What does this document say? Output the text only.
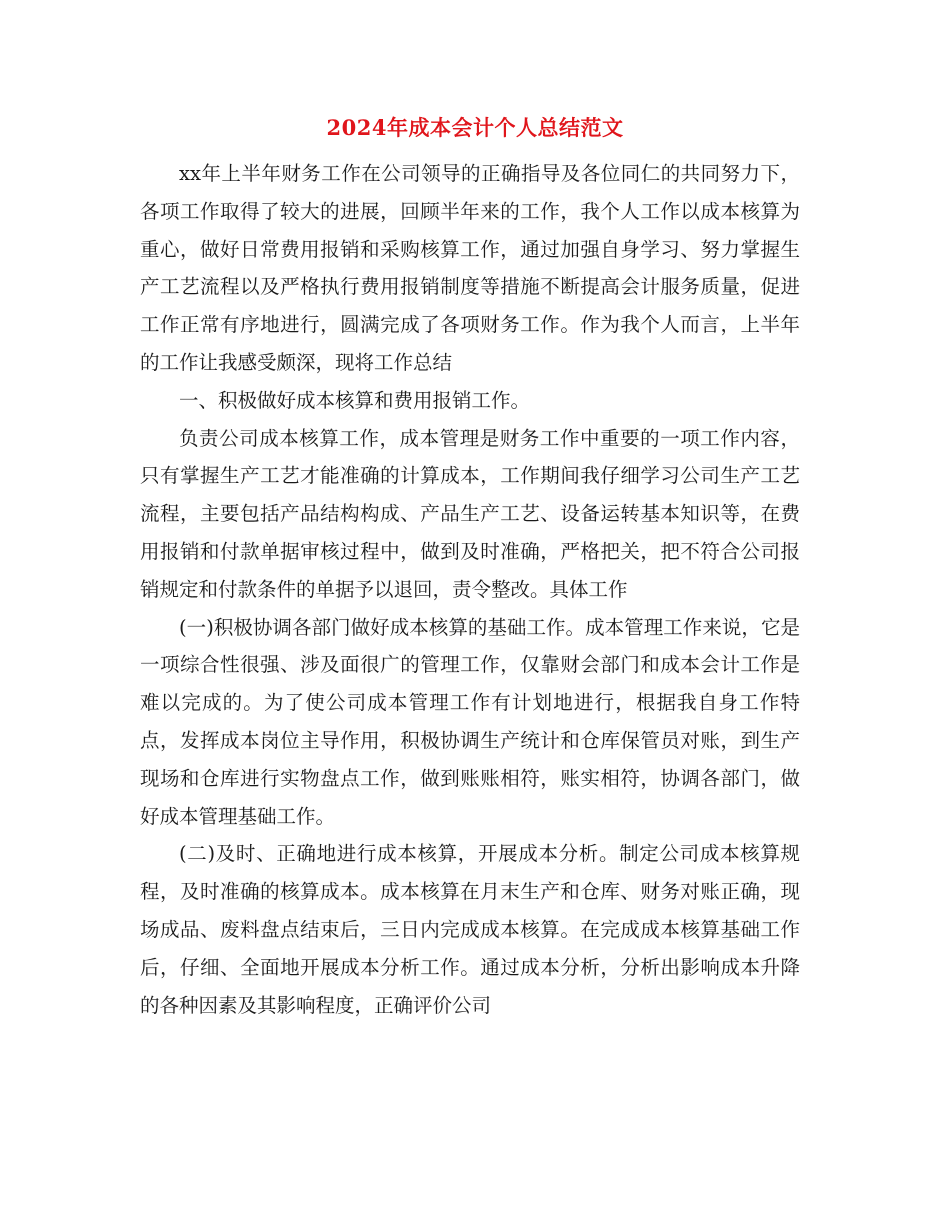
2024年成本会计个人总结范文

xx年上半年财务工作在公司领导的正确指导及各位同仁的共同努力下，各项工作取得了较大的进展，回顾半年来的工作，我个人工作以成本核算为重心，做好日常费用报销和采购核算工作，通过加强自身学习、努力掌握生产工艺流程以及严格执行费用报销制度等措施不断提高会计服务质量，促进工作正常有序地进行，圆满完成了各项财务工作。作为我个人而言，上半年的工作让我感受颇深，现将工作总结

一、积极做好成本核算和费用报销工作。

负责公司成本核算工作，成本管理是财务工作中重要的一项工作内容，只有掌握生产工艺才能准确的计算成本，工作期间我仔细学习公司生产工艺流程，主要包括产品结构构成、产品生产工艺、设备运转基本知识等，在费用报销和付款单据审核过程中，做到及时准确，严格把关，把不符合公司报销规定和付款条件的单据予以退回，责令整改。具体工作

(一)积极协调各部门做好成本核算的基础工作。成本管理工作来说，它是一项综合性很强、涉及面很广的管理工作，仅靠财会部门和成本会计工作是难以完成的。为了使公司成本管理工作有计划地进行，根据我自身工作特点，发挥成本岗位主导作用，积极协调生产统计和仓库保管员对账，到生产现场和仓库进行实物盘点工作，做到账账相符，账实相符，协调各部门，做好成本管理基础工作。

(二)及时、正确地进行成本核算，开展成本分析。制定公司成本核算规程，及时准确的核算成本。成本核算在月末生产和仓库、财务对账正确，现场成品、废料盘点结束后，三日内完成成本核算。在完成成本核算基础工作后，仔细、全面地开展成本分析工作。通过成本分析，分析出影响成本升降的各种因素及其影响程度，正确评价公司
